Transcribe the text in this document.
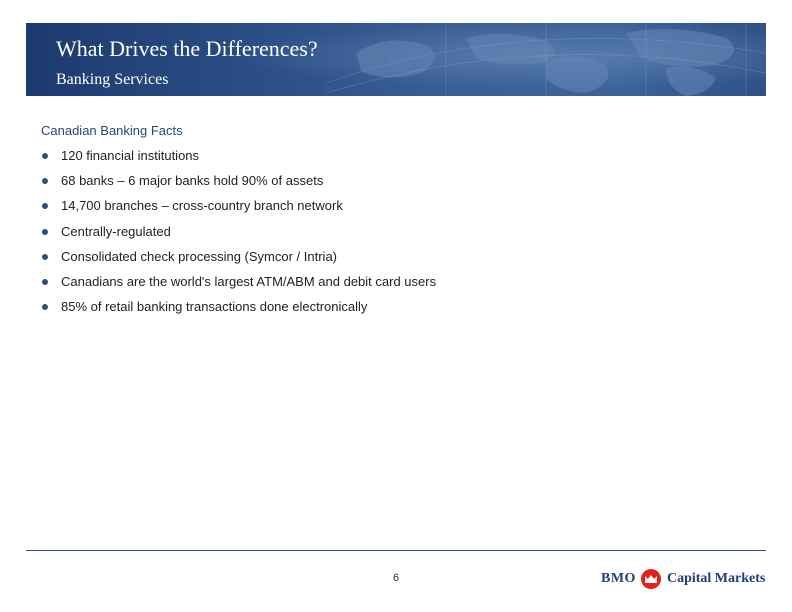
What Drives the Differences?
Banking Services
Canadian Banking Facts
120 financial institutions
68 banks – 6 major banks hold 90% of assets
14,700 branches – cross-country branch network
Centrally-regulated
Consolidated check processing (Symcor / Intria)
Canadians are the world's largest ATM/ABM and debit card users
85% of retail banking transactions done electronically
6	BMO Capital Markets
